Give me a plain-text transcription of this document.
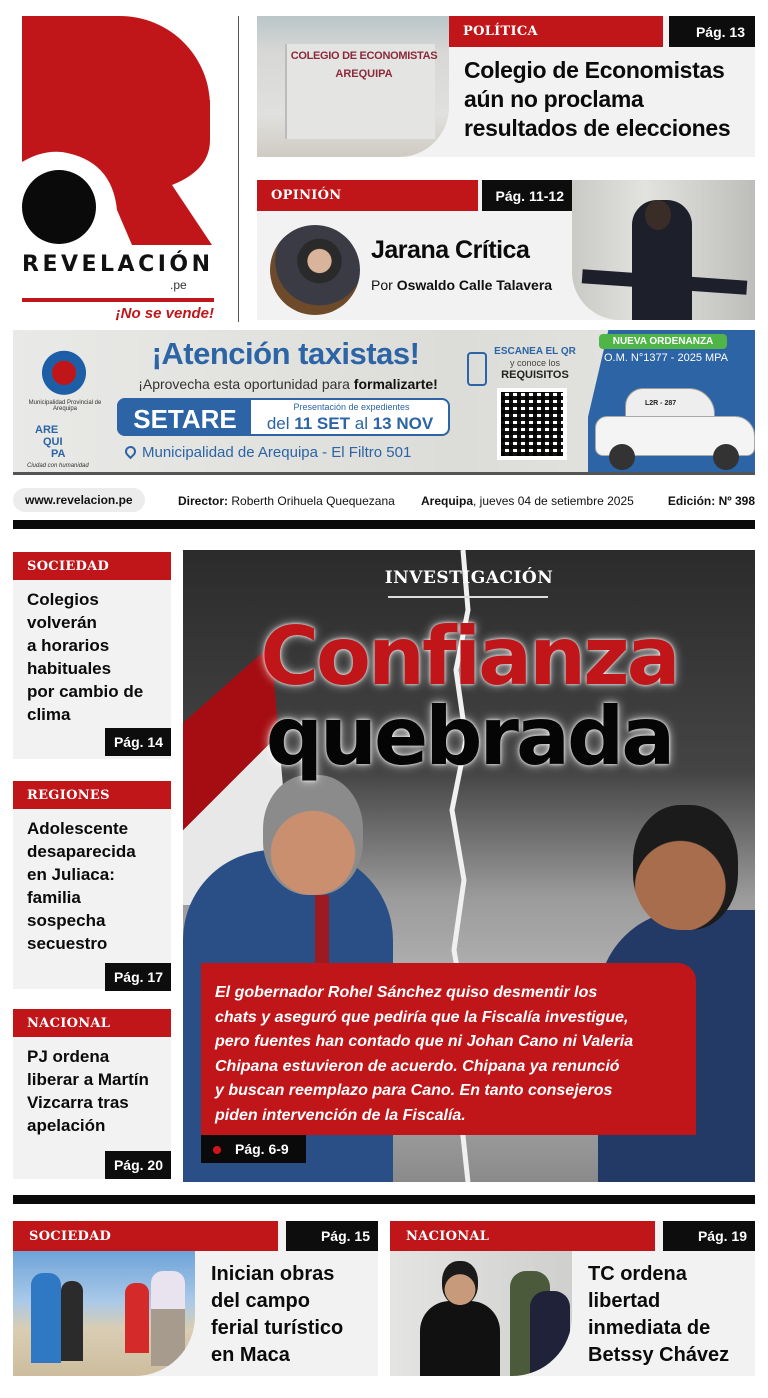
REVELACIÓN
.pe
¡No se vende!
COLEGIO DE ECONOMISTAS
AREQUIPA
POLÍTICA	Pág. 13
Colegio de Economistas
aún no proclama
resultados de elecciones
OPINIÓN	Pág. 11-12
Jarana Crítica
Por Oswaldo Calle Talavera
Municipalidad Provincial de Arequipa
ARE
QUI
PA
Ciudad con humanidad
¡Atención taxistas!
¡Aprovecha esta oportunidad para formalizarte!
SETARE	Presentación de expedientes
del 11 SET al 13 NOV
Municipalidad de Arequipa - El Filtro 501
ESCANEA EL QR
y conoce los
REQUISITOS
NUEVA ORDENANZA
O.M. N°1377 - 2025 MPA
L2R - 287
www.revelacion.pe	Director: Roberth Orihuela Quequezana Arequipa, jueves 04 de setiembre 2025	Edición: Nº 398
SOCIEDAD
Colegios
volverán
a horarios
habituales
por cambio de
clima
Pág. 14
REGIONES
Adolescente
desaparecida
en Juliaca:
familia
sospecha
secuestro
Pág. 17
NACIONAL
PJ ordena
liberar a Martín
Vizcarra tras
apelación
Pág. 20
INVESTIGACIÓN
Confianza
quebrada
El gobernador Rohel Sánchez quiso desmentir los
chats y aseguró que pediría que la Fiscalía investigue,
pero fuentes han contado que ni Johan Cano ni Valeria
Chipana estuvieron de acuerdo. Chipana ya renunció
y buscan reemplazo para Cano. En tanto consejeros
piden intervención de la Fiscalía.
Pág. 6-9
SOCIEDAD	Pág. 15
Inician obras
del campo
ferial turístico
en Maca
NACIONAL	Pág. 19
TC ordena
libertad
inmediata de
Betssy Chávez
